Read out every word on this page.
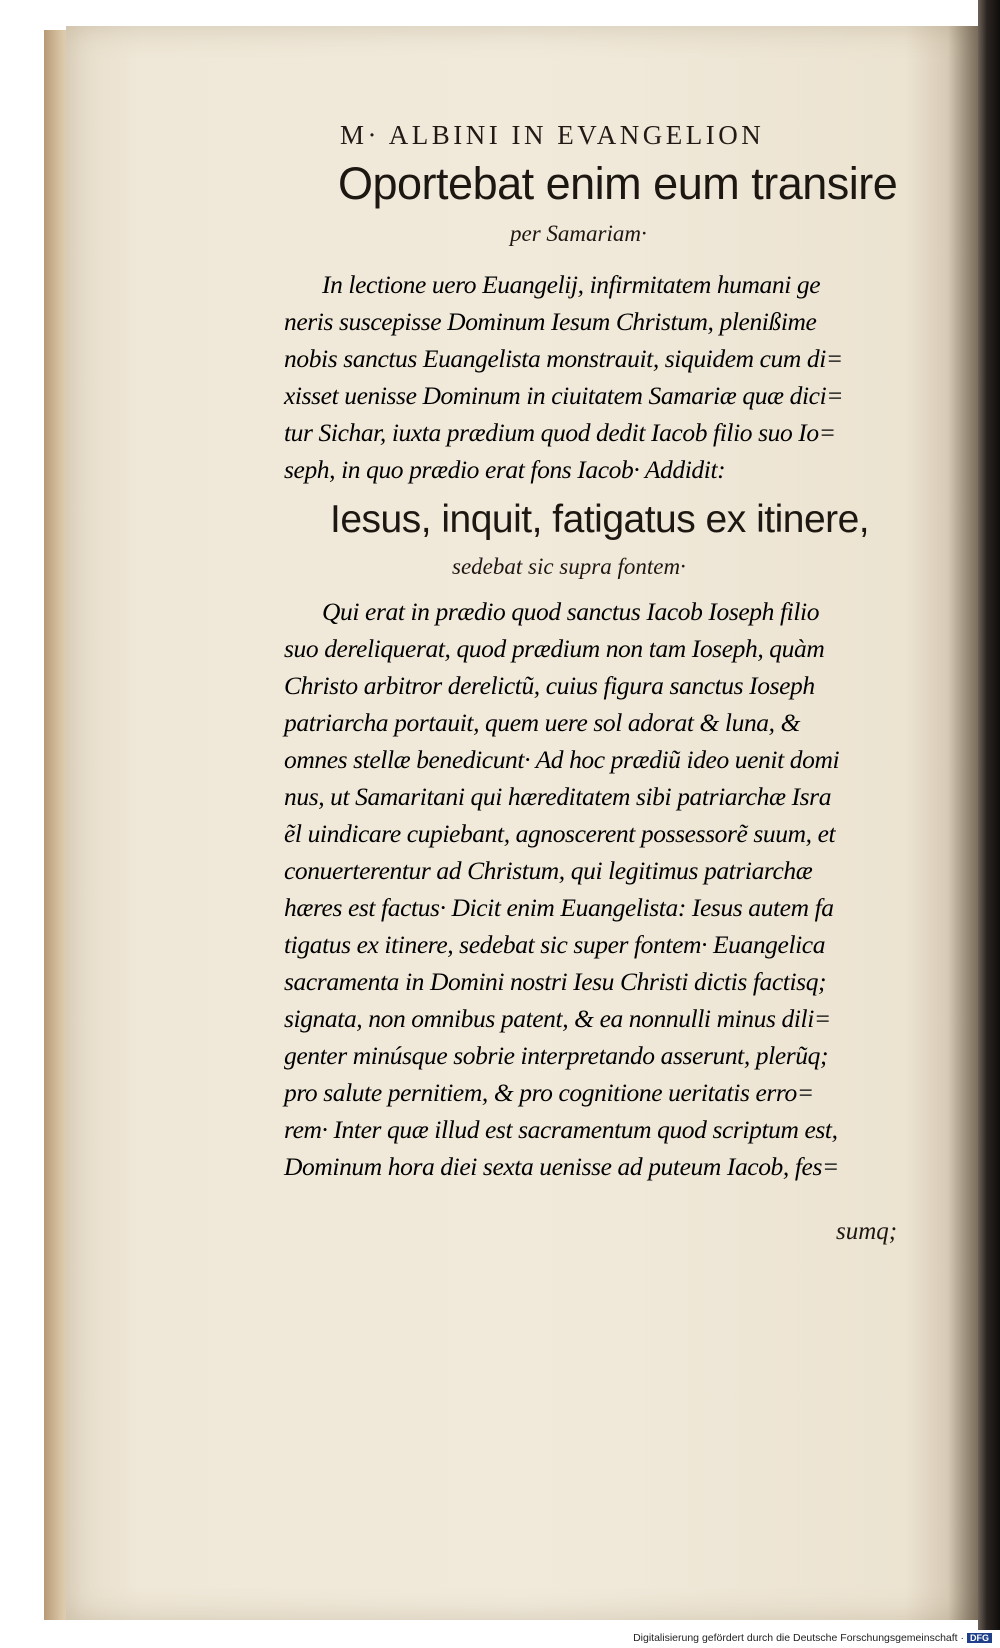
M· ALBINI IN EVANGELION
Oportebat enim eum transire
per Samariam·
In lectione uero Euangelij, infirmitatem humani ge
neris suscepisse Dominum Iesum Christum, plenißime
nobis sanctus Euangelista monstrauit, siquidem cum di=
xisset uenisse Dominum in ciuitatem Samariæ quæ dici=
tur Sichar, iuxta prædium quod dedit Iacob filio suo Io=
seph, in quo prædio erat fons Iacob· Addidit:
Iesus, inquit, fatigatus ex itinere,
sedebat sic supra fontem·
Qui erat in prædio quod sanctus Iacob Ioseph filio
suo dereliquerat, quod prædium non tam Ioseph, quàm
Christo arbitror derelictũ, cuius figura sanctus Ioseph
patriarcha portauit, quem uere sol adorat & luna, &
omnes stellæ benedicunt· Ad hoc prædiũ ideo uenit domi
nus, ut Samaritani qui hæreditatem sibi patriarchæ Isra
ẽl uindicare cupiebant, agnoscerent possessorẽ suum, et
conuerterentur ad Christum, qui legitimus patriarchæ
hæres est factus· Dicit enim Euangelista: Iesus autem fa
tigatus ex itinere, sedebat sic super fontem· Euangelica
sacramenta in Domini nostri Iesu Christi dictis factisq;
signata, non omnibus patent, & ea nonnulli minus dili=
genter minúsque sobrie interpretando asserunt, plerũq;
pro salute pernitiem, & pro cognitione ueritatis erro=
rem· Inter quæ illud est sacramentum quod scriptum est,
Dominum hora diei sexta uenisse ad puteum Iacob, fes=
sumq;
Digitalisierung gefördert durch die Deutsche Forschungsgemeinschaft · DFG
